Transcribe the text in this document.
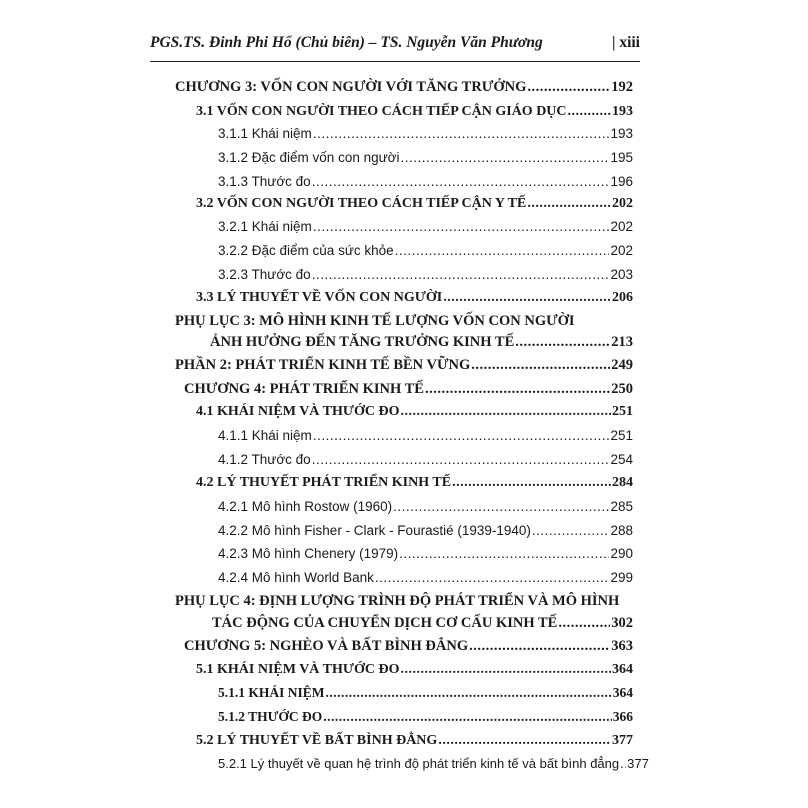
PGS.TS. Đinh Phi Hổ (Chủ biên) – TS. Nguyễn Văn Phương	| xiii
CHƯƠNG 3: VỐN CON NGƯỜI VỚI TĂNG TRƯỞNG .....	192
3.1 VỐN CON NGƯỜI THEO CÁCH TIẾP CẬN GIÁO DỤC .....	193
3.1.1 Khái niệm .....	193
3.1.2 Đặc điểm vốn con người .....	195
3.1.3 Thước đo .....	196
3.2 VỐN CON NGƯỜI THEO CÁCH TIẾP CẬN Y TẾ .....	202
3.2.1 Khái niệm .....	202
3.2.2 Đặc điểm của sức khỏe .....	202
3.2.3 Thước đo .....	203
3.3 LÝ THUYẾT VỀ VỐN CON NGƯỜI .....	206
PHỤ LỤC 3: MÔ HÌNH KINH TẾ LƯỢNG VỐN CON NGƯỜI
ẢNH HƯỞNG ĐẾN TĂNG TRƯỞNG KINH TẾ .....	213
PHẦN 2: PHÁT TRIỂN KINH TẾ BỀN VỮNG .....	249
CHƯƠNG 4: PHÁT TRIỂN KINH TẾ .....	250
4.1 KHÁI NIỆM VÀ THƯỚC ĐO .....	251
4.1.1 Khái niệm .....	251
4.1.2 Thước đo .....	254
4.2 LÝ THUYẾT PHÁT TRIỂN KINH TẾ .....	284
4.2.1 Mô hình Rostow (1960) .....	285
4.2.2 Mô hình Fisher - Clark - Fourastié (1939-1940) .....	288
4.2.3 Mô hình Chenery (1979) .....	290
4.2.4 Mô hình World Bank .....	299
PHỤ LỤC 4: ĐỊNH LƯỢNG TRÌNH ĐỘ PHÁT TRIỂN VÀ MÔ HÌNH
TÁC ĐỘNG CỦA CHUYỂN DỊCH CƠ CẤU KINH TẾ .....	302
CHƯƠNG 5: NGHÈO VÀ BẤT BÌNH ĐẲNG .....	363
5.1 KHÁI NIỆM VÀ THƯỚC ĐO .....	364
5.1.1 KHÁI NIỆM .....	364
5.1.2 THƯỚC ĐO .....	366
5.2 LÝ THUYẾT VỀ BẤT BÌNH ĐẲNG .....	377
5.2.1 Lý thuyết về quan hệ trình độ phát triển kinh tế và bất bình đẳng ..... 377
